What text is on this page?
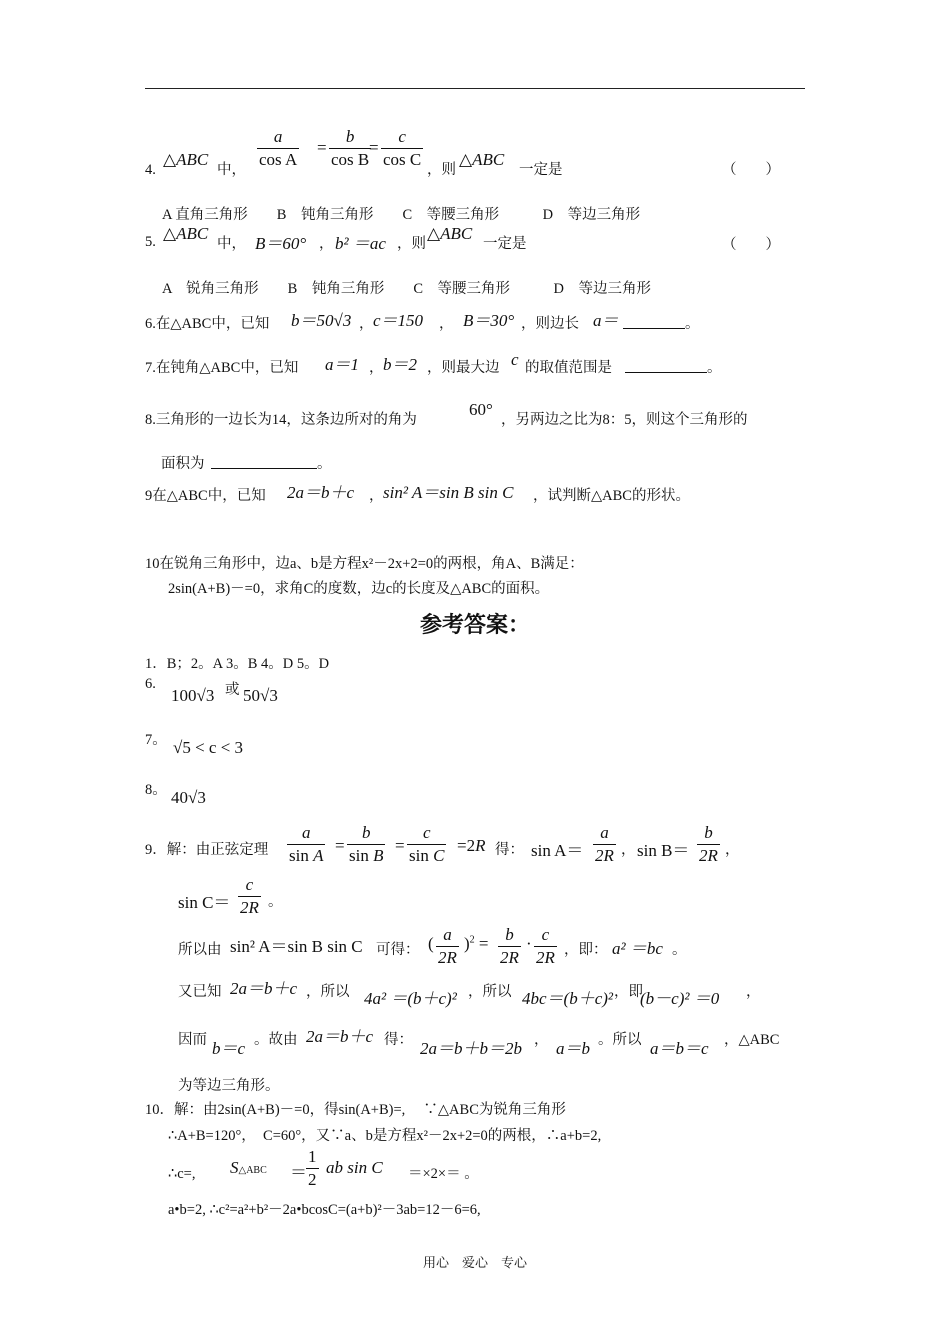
4.
△ABC
中， $\frac{a}{\text{cos A}} = \frac{b}{\text{cos B}}$
= $\frac{c}{\text{cos C}}$ ，则
△ABC
一定是	（　　）
A 直角三角形　　B　钝角三角形　　C　等腰三角形　　　D　等边三角形
5. △ABC
中， B＝60° ， b² ＝ac ，则
△ABC
一定是	（　　）
A　锐角三角形　　B　钝角三角形　　C　等腰三角形　　　D　等边三角形
6.在△ABC中，已知 b＝50√3 ， c＝150 ， B＝30° ，则边长 a＝	。
7.在钝角△ABC中，已知 a＝1 ， b＝2 ，则最大边 c 的取值范围是	。
8.三角形的一边长为14，这条边所对的角为
60°
，另两边之比为8：5，则这个三角形的
面积为	。
9在△ABC中，已知 2a＝b＋c ， sin² A＝sin B sin C ，试判断△ABC的形状。
10在锐角三角形中，边a、b是方程x²－2x+2=0的两根，角A、B满足：
2sin(A+B)－=0，求角C的度数，边c的长度及△ABC的面积。
参考答案：
1．B；2。A 3。B 4。D 5。D
6.
100√3 或 50√3
7。 √5 < c < 3
8。 40√3
9．解：由正弦定理 $\frac{a}{\text{sin A}} = \frac{b}{\text{sin B}} = \frac{c}{\text{sin C}} =2R$ 得： $\sin A= \frac{a}{2R}$ ， $\sin B= \frac{b}{2R}$ ，
$\sin C= \frac{c}{2R}$ 。
所以由 sin² A＝sin B sin C 可得： ( $\frac{a}{2R} )^2 = \frac{b}{2R} \cdot \frac{c}{2R}$ ，即： a² ＝bc 。
又已知 2a＝b＋c ，所以 4a² ＝(b＋c)² ，所以 4bc＝(b＋c)² ，即
(b－c)² ＝0 ，
因而 b＝c 。故由 2a＝b＋c 得： 2a＝b＋b＝2b ， a＝b 。所以 a＝b＝c ，△ABC
为等边三角形。
10．解：由2sin(A+B)－=0，得sin(A+B)=,　 ∵△ABC为锐角三角形
∴A+B=120°，　C=60°，又∵a、b是方程x²－2x+2=0的两根，∴a+b=2,
∴c=,　 S△ABC ＝ $\frac{1}{2}$ ab sin C ＝×2×＝ 。
a•b=2, ∴c²=a²+b²－2a•bcosC=(a+b)²－3ab=12－6=6,
用心　爱心　专心
